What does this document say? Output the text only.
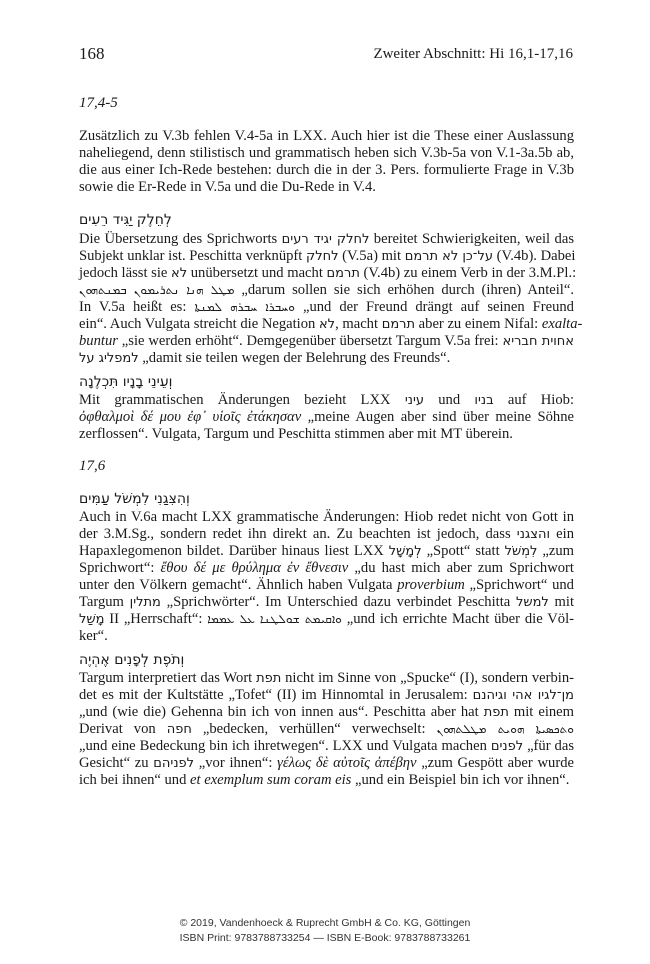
168	Zweiter Abschnitt: Hi 16,1-17,16
17,4-5
Zusätzlich zu V.3b fehlen V.4-5a in LXX. Auch hier ist die These einer Auslassung
naheliegend, denn stilistisch und grammatisch heben sich V.3b-5a von V.1-3a.5b ab,
die aus einer Ich-Rede bestehen: durch die in der 3. Pers. formulierte Frage in V.3b
sowie die Er-Rede in V.5a und die Du-Rede in V.4.
לְחֵלֶק יַגִּיד רֵעִים
Die Übersetzung des Sprichworts לחלק יגיד רעים bereitet Schwierigkeiten, weil das
Subjekt unklar ist. Peschitta verknüpft לחלק (V.5a) mit על־כן לא תרמם (V.4b). Dabei
jedoch lässt sie לא unübersetzt und macht תרמם (V.4b) zu einem Verb in der 3.M.Pl.:
ܡܛܠ ܗܢܐ ܢܬܪܝܡܘܢ ܒܡܢܬܗܘܢ „darum sollen sie sich erhöhen durch (ihren) Anteil“.
In V.5a heißt es: ܘܚܒܪܐ ܚܒܪܗ ܠܡܢܬܐ „und der Freund drängt auf seinen Freund
ein“. Auch Vulgata streicht die Negation לא, macht תרמם aber zu einem Nifal: exalta-
buntur „sie werden erhöht“. Demgegenüber übersetzt Targum V.5a frei: אחוית חבריא
למפליג על „damit sie teilen wegen der Belehrung des Freunds“.
וְעֵינֵי בָנָיו תִּכְלֶנָה
Mit grammatischen Änderungen bezieht LXX עיני und בניו auf Hiob:
ὀφθαλμοὶ δέ μου ἐφ᾽ υἱοῖς ἐτάκησαν „meine Augen aber sind über meine Söhne
zerflossen“. Vulgata, Targum und Peschitta stimmen aber mit MT überein.
17,6
וְהִצִּגַנִי לִמְשֹׁל עַמִּים
Auch in V.6a macht LXX grammatische Änderungen: Hiob redet nicht von Gott in
der 3.M.Sg., sondern redet ihn direkt an. Zu beachten ist jedoch, dass והצגני ein
Hapaxlegomenon bildet. Darüber hinaus liest LXX לְמָשָׁל „Spott“ statt לִמְשֹׁל „zum
Sprichwort“: ἔθου δέ με θρύλημα ἐν ἔθνεσιν „du hast mich aber zum Sprichwort
unter den Völkern gemacht“. Ähnlich haben Vulgata proverbium „Sprichwort“ und
Targum מתלין „Sprichwörter“. Im Unterschied dazu verbindet Peschitta למשל mit
מָשַׁל II „Herrschaft“: ܘܐܩܝܡܬ ܫܘܠܛܢܐ ܥܠ ܥܡܡܐ „und ich errichte Macht über die Völ-
ker“.
וְתֹפֶת לְפָנִים אֶהְיֶה
Targum interpretiert das Wort תפת nicht im Sinne von „Spucke“ (I), sondern verbin-
det es mit der Kultstätte „Tofet“ (II) im Hinnomtal in Jerusalem: מן־לגיו אהי וגיהנם
„und (wie die) Gehenna bin ich von innen aus“. Peschitta aber hat תפת mit einem
Derivat von חפה „bedecken, verhüllen“ verwechselt: ܘܬܟܣܝܬܐ ܗܘܝܬ ܡܛܠܬܗܘܢ
„und eine Bedeckung bin ich ihretwegen“. LXX und Vulgata machen לפנים „für das
Gesicht“ zu לפניהם „vor ihnen“: γέλως δὲ αὐτοῖς ἀπέβην „zum Gespött aber wurde
ich bei ihnen“ und et exemplum sum coram eis „und ein Beispiel bin ich vor ihnen“.
© 2019, Vandenhoeck & Ruprecht GmbH & Co. KG, Göttingen
ISBN Print: 9783788733254 — ISBN E-Book: 9783788733261
